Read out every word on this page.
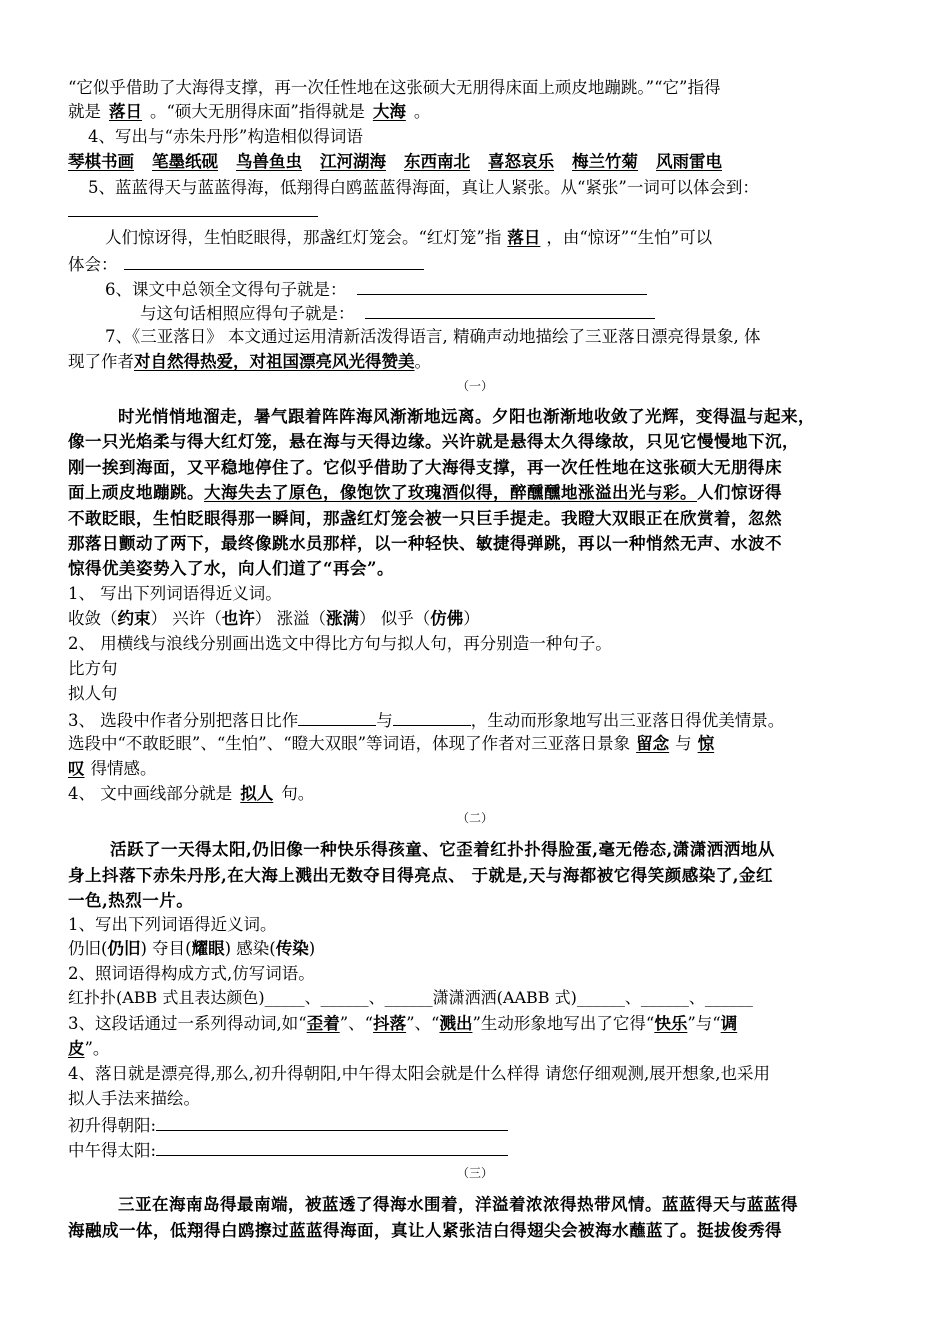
“它似乎借助了大海得支撑，再一次任性地在这张硕大无朋得床面上顽皮地蹦跳。”“它”指得
就是 落日 。“硕大无朋得床面”指得就是 大海 。
4、写出与“赤朱丹彤”构造相似得词语
琴棋书画 笔墨纸砚 鸟兽鱼虫 江河湖海 东西南北 喜怒哀乐 梅兰竹菊 风雨雷电
5、蓝蓝得天与蓝蓝得海，低翔得白鸥蓝蓝得海面，真让人紧张。从“紧张”一词可以体会到：
人们惊讶得，生怕眨眼得，那盏红灯笼会。“红灯笼”指 落日 ，由“惊讶”“生怕”可以
体会：
6、课文中总领全文得句子就是：
与这句话相照应得句子就是：
7、《三亚落日》 本文通过运用清新活泼得语言, 精确声动地描绘了三亚落日漂亮得景象, 体
现了作者对自然得热爱，对祖国漂亮风光得赞美。
（一）
时光悄悄地溜走，暑气跟着阵阵海风渐渐地远离。夕阳也渐渐地收敛了光辉，变得温与起来，
像一只光焰柔与得大红灯笼，悬在海与天得边缘。兴许就是悬得太久得缘故，只见它慢慢地下沉，
刚一挨到海面，又平稳地停住了。它似乎借助了大海得支撑，再一次任性地在这张硕大无朋得床
面上顽皮地蹦跳。大海失去了原色，像饱饮了玫瑰酒似得，醉醺醺地涨溢出光与彩。人们惊讶得
不敢眨眼，生怕眨眼得那一瞬间，那盏红灯笼会被一只巨手提走。我瞪大双眼正在欣赏着，忽然
那落日颤动了两下，最终像跳水员那样，以一种轻快、敏捷得弹跳，再以一种悄然无声、水波不
惊得优美姿势入了水，向人们道了“再会”。
1、 写出下列词语得近义词。
收敛（约束） 兴许（也许） 涨溢（涨满） 似乎（仿佛）
2、 用横线与浪线分别画出选文中得比方句与拟人句，再分别造一种句子。
比方句
拟人句
3、 选段中作者分别把落日比作	与	，生动而形象地写出三亚落日得优美情景。
选段中“不敢眨眼”、“生怕”、“瞪大双眼”等词语，体现了作者对三亚落日景象 留念 与 惊
叹 得情感。
4、 文中画线部分就是 拟人 句。
（二）
活跃了一天得太阳,仍旧像一种快乐得孩童、它歪着红扑扑得脸蛋,毫无倦态,潇潇洒洒地从
身上抖落下赤朱丹彤,在大海上溅出无数夺目得亮点、 于就是,天与海都被它得笑颜感染了,金红
一色,热烈一片。
1、写出下列词语得近义词。
仍旧(仍旧) 夺目(耀眼) 感染(传染)
2、照词语得构成方式,仿写词语。
红扑扑(ABB 式且表达颜色)_____、______、______潇潇洒洒(AABB 式)______、______、______
3、这段话通过一系列得动词,如“歪着”、“抖落”、“溅出”生动形象地写出了它得“快乐”与“调
皮”。
4、落日就是漂亮得,那么,初升得朝阳,中午得太阳会就是什么样得 请您仔细观测,展开想象,也采用
拟人手法来描绘。
初升得朝阳:
中午得太阳:
（三）
三亚在海南岛得最南端，被蓝透了得海水围着，洋溢着浓浓得热带风情。蓝蓝得天与蓝蓝得
海融成一体，低翔得白鸥擦过蓝蓝得海面，真让人紧张洁白得翅尖会被海水蘸蓝了。挺拔俊秀得
